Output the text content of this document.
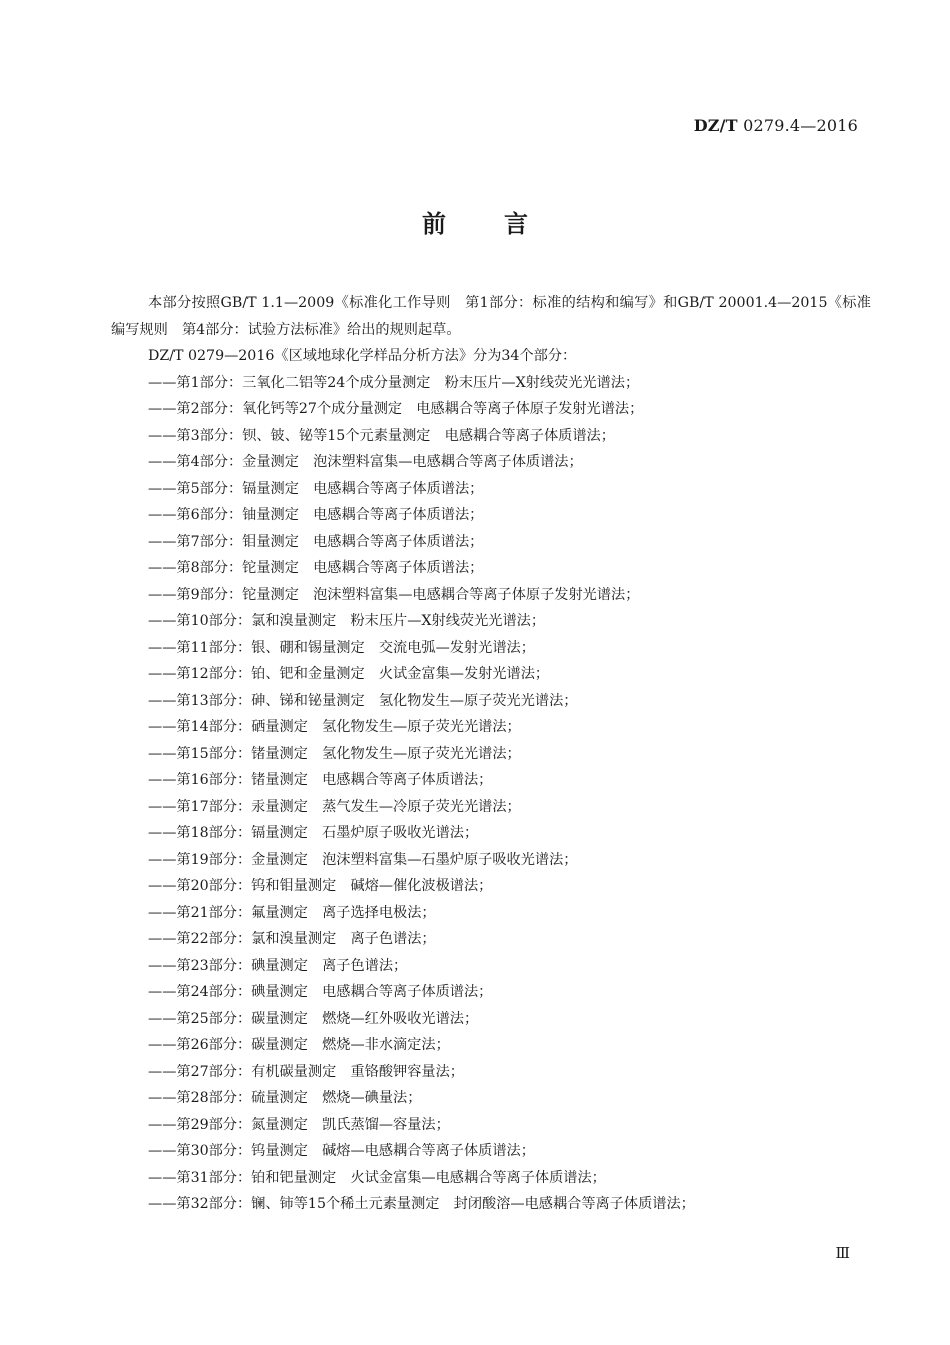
DZ/T 0279.4—2016
前言

本部分按照GB/T 1.1—2009《标准化工作导则　第1部分：标准的结构和编写》和GB/T 20001.4—2015《标准编写规则　第4部分：试验方法标准》给出的规则起草。

DZ/T 0279—2016《区域地球化学样品分析方法》分为34个部分：

——第1部分：三氧化二铝等24个成分量测定　粉末压片—X射线荧光光谱法；
——第2部分：氧化钙等27个成分量测定　电感耦合等离子体原子发射光谱法；
——第3部分：钡、铍、铋等15个元素量测定　电感耦合等离子体质谱法；
——第4部分：金量测定　泡沫塑料富集—电感耦合等离子体质谱法；
——第5部分：镉量测定　电感耦合等离子体质谱法；
——第6部分：铀量测定　电感耦合等离子体质谱法；
——第7部分：钼量测定　电感耦合等离子体质谱法；
——第8部分：铊量测定　电感耦合等离子体质谱法；
——第9部分：铊量测定　泡沫塑料富集—电感耦合等离子体原子发射光谱法；
——第10部分：氯和溴量测定　粉末压片—X射线荧光光谱法；
——第11部分：银、硼和锡量测定　交流电弧—发射光谱法；
——第12部分：铂、钯和金量测定　火试金富集—发射光谱法；
——第13部分：砷、锑和铋量测定　氢化物发生—原子荧光光谱法；
——第14部分：硒量测定　氢化物发生—原子荧光光谱法；
——第15部分：锗量测定　氢化物发生—原子荧光光谱法；
——第16部分：锗量测定　电感耦合等离子体质谱法；
——第17部分：汞量测定　蒸气发生—冷原子荧光光谱法；
——第18部分：镉量测定　石墨炉原子吸收光谱法；
——第19部分：金量测定　泡沫塑料富集—石墨炉原子吸收光谱法；
——第20部分：钨和钼量测定　碱熔—催化波极谱法；
——第21部分：氟量测定　离子选择电极法；
——第22部分：氯和溴量测定　离子色谱法；
——第23部分：碘量测定　离子色谱法；
——第24部分：碘量测定　电感耦合等离子体质谱法；
——第25部分：碳量测定　燃烧—红外吸收光谱法；
——第26部分：碳量测定　燃烧—非水滴定法；
——第27部分：有机碳量测定　重铬酸钾容量法；
——第28部分：硫量测定　燃烧—碘量法；
——第29部分：氮量测定　凯氏蒸馏—容量法；
——第30部分：钨量测定　碱熔—电感耦合等离子体质谱法；
——第31部分：铂和钯量测定　火试金富集—电感耦合等离子体质谱法；
——第32部分：镧、铈等15个稀土元素量测定　封闭酸溶—电感耦合等离子体质谱法；
Ⅲ
